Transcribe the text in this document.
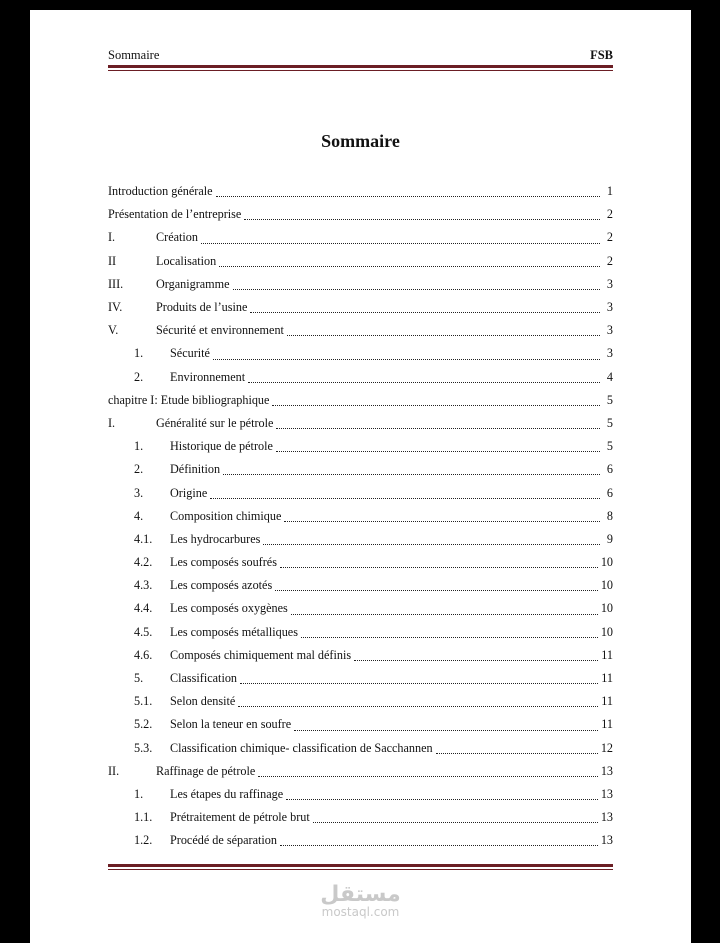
Sommaire	FSB
Sommaire
Introduction générale	1
Présentation de l’entreprise	2
I.	Création	2
II	Localisation	2
III.	Organigramme	3
IV.	Produits de l’usine	3
V.	Sécurité et environnement	3
1.	Sécurité	3
2.	Environnement	4
chapitre I: Etude bibliographique	5
I.	Généralité sur le pétrole	5
1.	Historique de pétrole	5
2.	Définition	6
3.	Origine	6
4.	Composition chimique	8
4.1.	Les hydrocarbures	9
4.2.	Les composés soufrés	10
4.3.	Les composés azotés	10
4.4.	Les composés oxygènes	10
4.5.	Les composés métalliques	10
4.6.	Composés chimiquement mal définis	11
5.	Classification	11
5.1.	Selon densité	11
5.2.	Selon la teneur en soufre	11
5.3.	Classification chimique- classification de Sacchannen	12
II.	Raffinage de pétrole	13
1.	Les étapes du raffinage	13
1.1.	Prétraitement de pétrole brut	13
1.2.	Procédé de séparation	13
مستقل
mostaql.com
